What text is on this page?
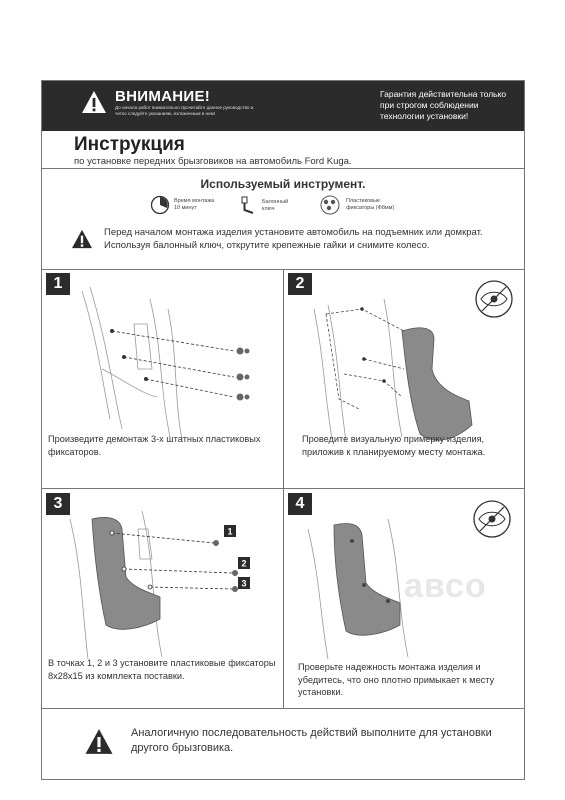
ВНИМАНИЕ!
До начала работ внимательно прочитайте данное руководство и четко следуйте указаниям, изложенным в нем!
Гарантия действительна только при строгом соблюдении технологии установки!
Инструкция
по установке передних брызговиков на автомобиль Ford Kuga.
Используемый инструмент.
Время монтажа
10 минут
Балонный
ключ
Пластиковые
фиксаторы (Ф8мм)
Перед началом монтажа изделия установите автомобиль на подъемник или домкрат. Используя балонный ключ, открутите крепежные гайки и снимите колесо.
Произведите демонтаж 3-х штатных пластиковых фиксаторов.
1
Проведите визуальную примерку изделия, приложив к планируемому месту монтажа.
2
1
2
3
В точках 1, 2 и 3 установите пластиковые фиксаторы 8x28x15 из комплекта поставки.
3
авсо
Проверьте надежность монтажа изделия и убедитесь, что оно плотно примыкает к месту установки.
4
Аналогичную последовательность действий выполните для установки другого брызговика.
